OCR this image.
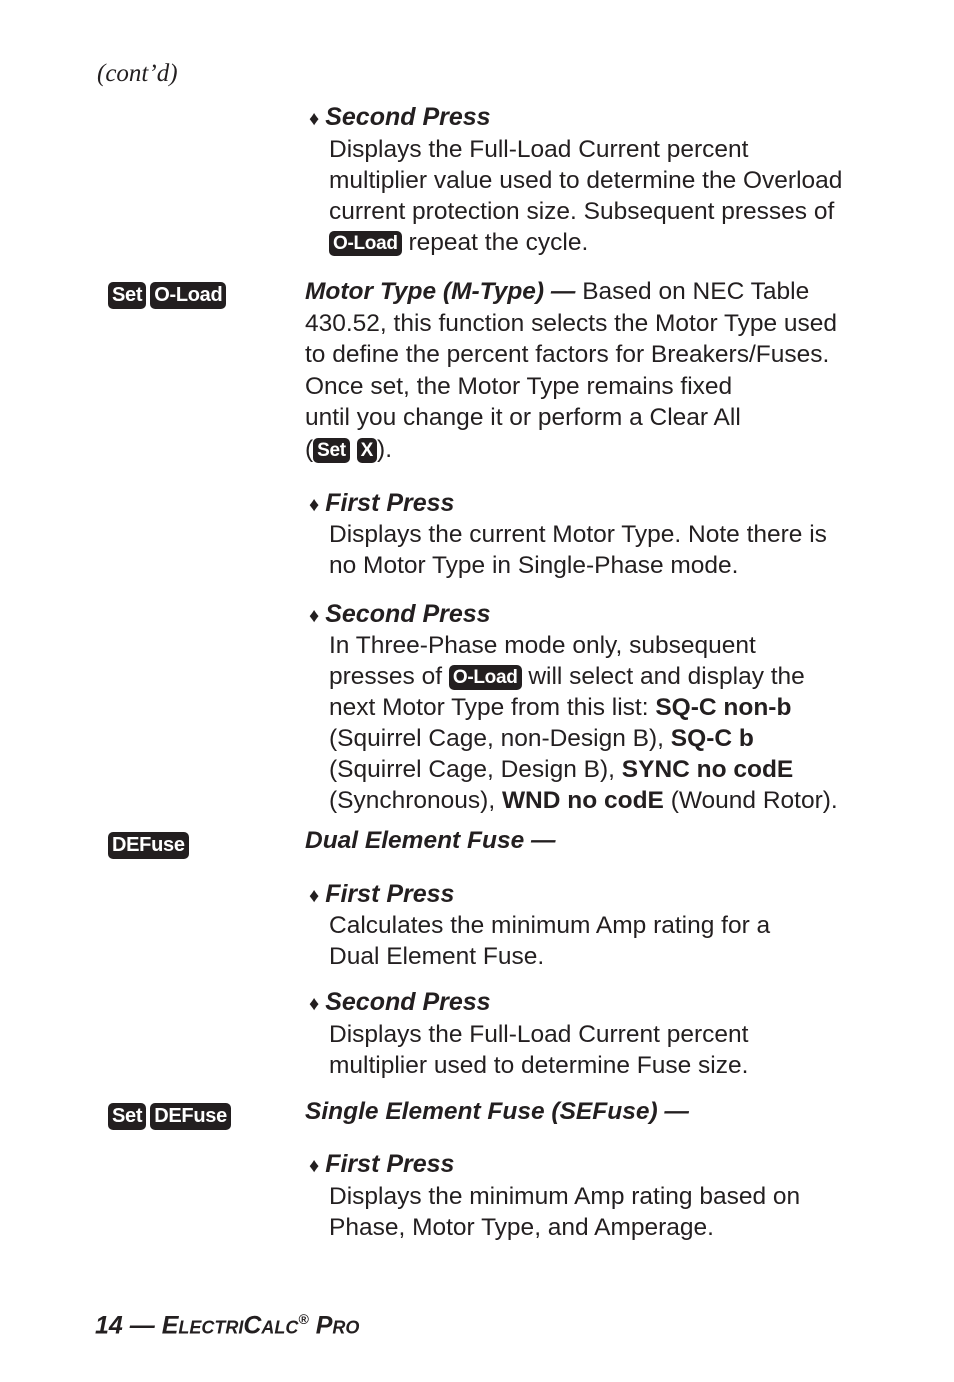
(cont’d)
♦ Second Press
Displays the Full-Load Current percent
multiplier value used to determine the Overload
current protection size. Subsequent presses of
O-Load repeat the cycle.
Set O-Load	Motor Type (M-Type) — Based on NEC Table
430.52, this function selects the Motor Type used
to define the percent factors for Breakers/Fuses.
Once set, the Motor Type remains fixed
until you change it or perform a Clear All
( Set X ).
♦ First Press
Displays the current Motor Type. Note there is
no Motor Type in Single-Phase mode.
♦ Second Press
In Three-Phase mode only, subsequent
presses of O-Load will select and display the
next Motor Type from this list: SQ-C non-b
(Squirrel Cage, non-Design B), SQ-C b
(Squirrel Cage, Design B), SYNC no codE
(Synchronous), WND no codE (Wound Rotor).
DEFuse	Dual Element Fuse —
♦ First Press
Calculates the minimum Amp rating for a
Dual Element Fuse.
♦ Second Press
Displays the Full-Load Current percent
multiplier used to determine Fuse size.
Set DEFuse	Single Element Fuse (SEFuse) —
♦ First Press
Displays the minimum Amp rating based on
Phase, Motor Type, and Amperage.
14 — ElectriCalc® Pro
